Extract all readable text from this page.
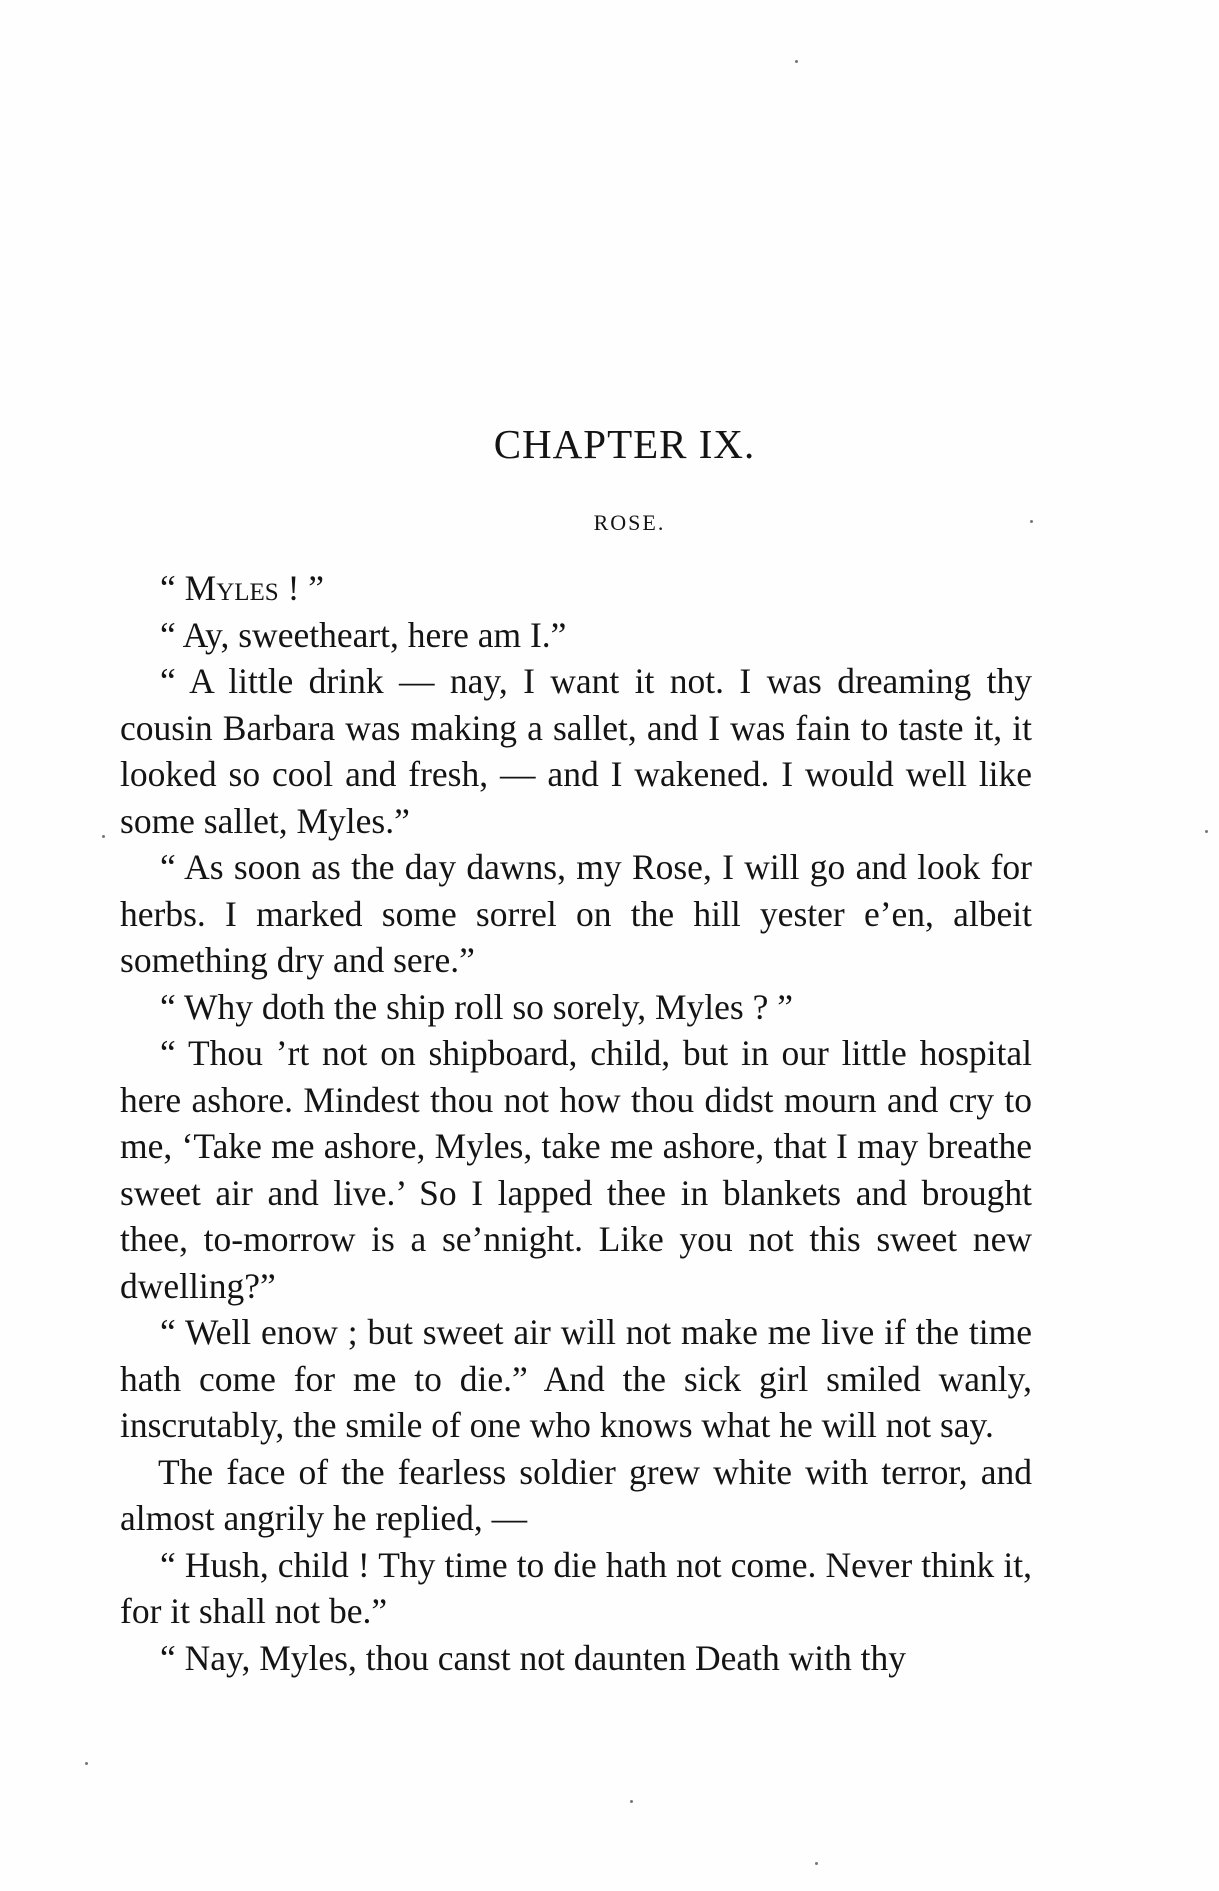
CHAPTER IX.
ROSE.

“ Myles ! ”

“ Ay, sweetheart, here am I.”

“ A little drink — nay, I want it not. I was dreaming thy cousin Barbara was making a sallet, and I was fain to taste it, it looked so cool and fresh, — and I wakened. I would well like some sallet, Myles.”

“ As soon as the day dawns, my Rose, I will go and look for herbs. I marked some sorrel on the hill yester e’en, albeit something dry and sere.”

“ Why doth the ship roll so sorely, Myles ? ”

“ Thou ’rt not on shipboard, child, but in our little hospital here ashore. Mindest thou not how thou didst mourn and cry to me, ‘Take me ashore, Myles, take me ashore, that I may breathe sweet air and live.’ So I lapped thee in blankets and brought thee, to-morrow is a se’nnight. Like you not this sweet new dwelling?”

“ Well enow ; but sweet air will not make me live if the time hath come for me to die.” And the sick girl smiled wanly, inscrutably, the smile of one who knows what he will not say.

The face of the fearless soldier grew white with terror, and almost angrily he replied, —

“ Hush, child ! Thy time to die hath not come. Never think it, for it shall not be.”

“ Nay, Myles, thou canst not daunten Death with thy
